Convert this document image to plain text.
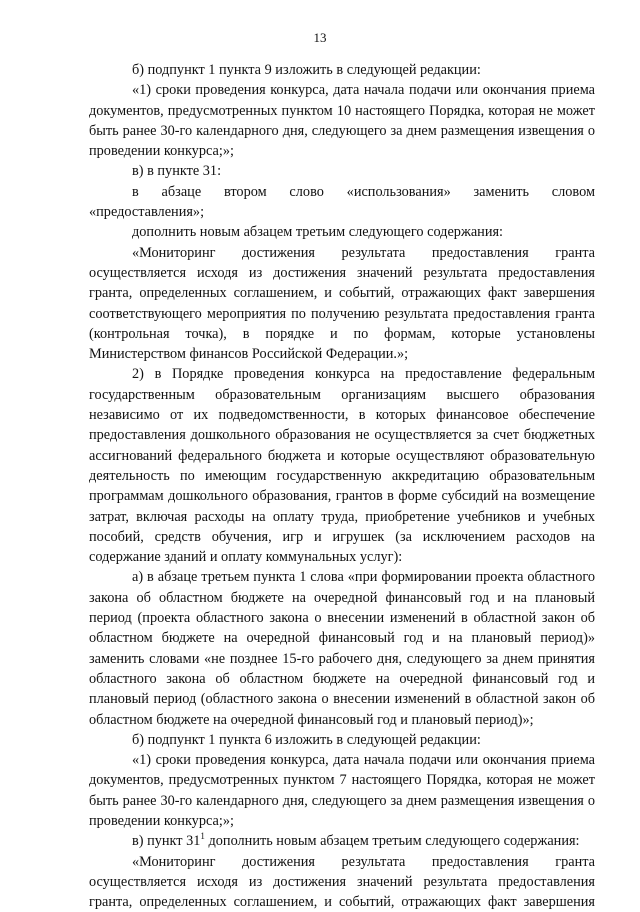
13

б) подпункт 1 пункта 9 изложить в следующей редакции:

«1) сроки проведения конкурса, дата начала подачи или окончания приема документов, предусмотренных пунктом 10 настоящего Порядка, которая не может быть ранее 30-го календарного дня, следующего за днем размещения извещения о проведении конкурса;»;

в) в пункте 31:

в абзаце втором слово «использования» заменить словом «предоставления»;

дополнить новым абзацем третьим следующего содержания:

«Мониторинг достижения результата предоставления гранта осуществляется исходя из достижения значений результата предоставления гранта, определенных соглашением, и событий, отражающих факт завершения соответствующего мероприятия по получению результата предоставления гранта (контрольная точка), в порядке и по формам, которые установлены Министерством финансов Российской Федерации.»;

2) в Порядке проведения конкурса на предоставление федеральным государственным образовательным организациям высшего образования независимо от их подведомственности, в которых финансовое обеспечение предоставления дошкольного образования не осуществляется за счет бюджетных ассигнований федерального бюджета и которые осуществляют образовательную деятельность по имеющим государственную аккредитацию образовательным программам дошкольного образования, грантов в форме субсидий на возмещение затрат, включая расходы на оплату труда, приобретение учебников и учебных пособий, средств обучения, игр и игрушек (за исключением расходов на содержание зданий и оплату коммунальных услуг):

а) в абзаце третьем пункта 1 слова «при формировании проекта областного закона об областном бюджете на очередной финансовый год и на плановый период (проекта областного закона о внесении изменений в областной закон об областном бюджете на очередной финансовый год и на плановый период)» заменить словами «не позднее 15-го рабочего дня, следующего за днем принятия областного закона об областном бюджете на очередной финансовый год и плановый период (областного закона о внесении изменений в областной закон об областном бюджете на очередной финансовый год и плановый период)»;

б) подпункт 1 пункта 6 изложить в следующей редакции:

«1) сроки проведения конкурса, дата начала подачи или окончания приема документов, предусмотренных пунктом 7 настоящего Порядка, которая не может быть ранее 30-го календарного дня, следующего за днем размещения извещения о проведении конкурса;»;

в) пункт $31^1$ дополнить новым абзацем третьим следующего содержания:

«Мониторинг достижения результата предоставления гранта осуществляется исходя из достижения значений результата предоставления гранта, определенных соглашением, и событий, отражающих факт завершения
